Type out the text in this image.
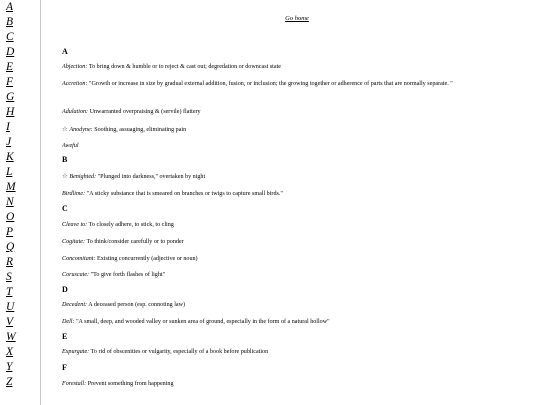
A
B
C
D
E
F
G
H
I
J
K
L
M
N
O
P
Q
R
S
T
U
V
W
X
Y
Z
Go home
A
Abjection: To bring down & humble or to reject & cast out; degredation or downcast state
Accretion: "Growth or increase in size by gradual external addition, fusion, or inclusion; the growing together or adherence of parts that are normally separate. "
Adulation: Unwarranted overpraising & (servile) flattery
☆ Anodyne: Soothing, assuaging, eliminating pain
Aweful
B
☆ Benighted: "Plunged into darkness," overtaken by night
Birdlime: "A sticky substance that is smeared on branches or twigs to capture small birds."
C
Cleave to: To closely adhere, to stick, to cling
Cogitate: To think/consider carefully or to ponder
Concomitant: Existing concurrently (adjective or noun)
Coruscate: "To give forth flashes of light"
D
Decedent: A deceased person (esp. connoting law)
Dell: "A small, deep, and wooded valley or sunken area of ground, especially in the form of a natural hollow"
E
Expurgate: To rid of obscenities or vulgarity, especially of a book before publication
F
Forestall: Prevent something from happening
